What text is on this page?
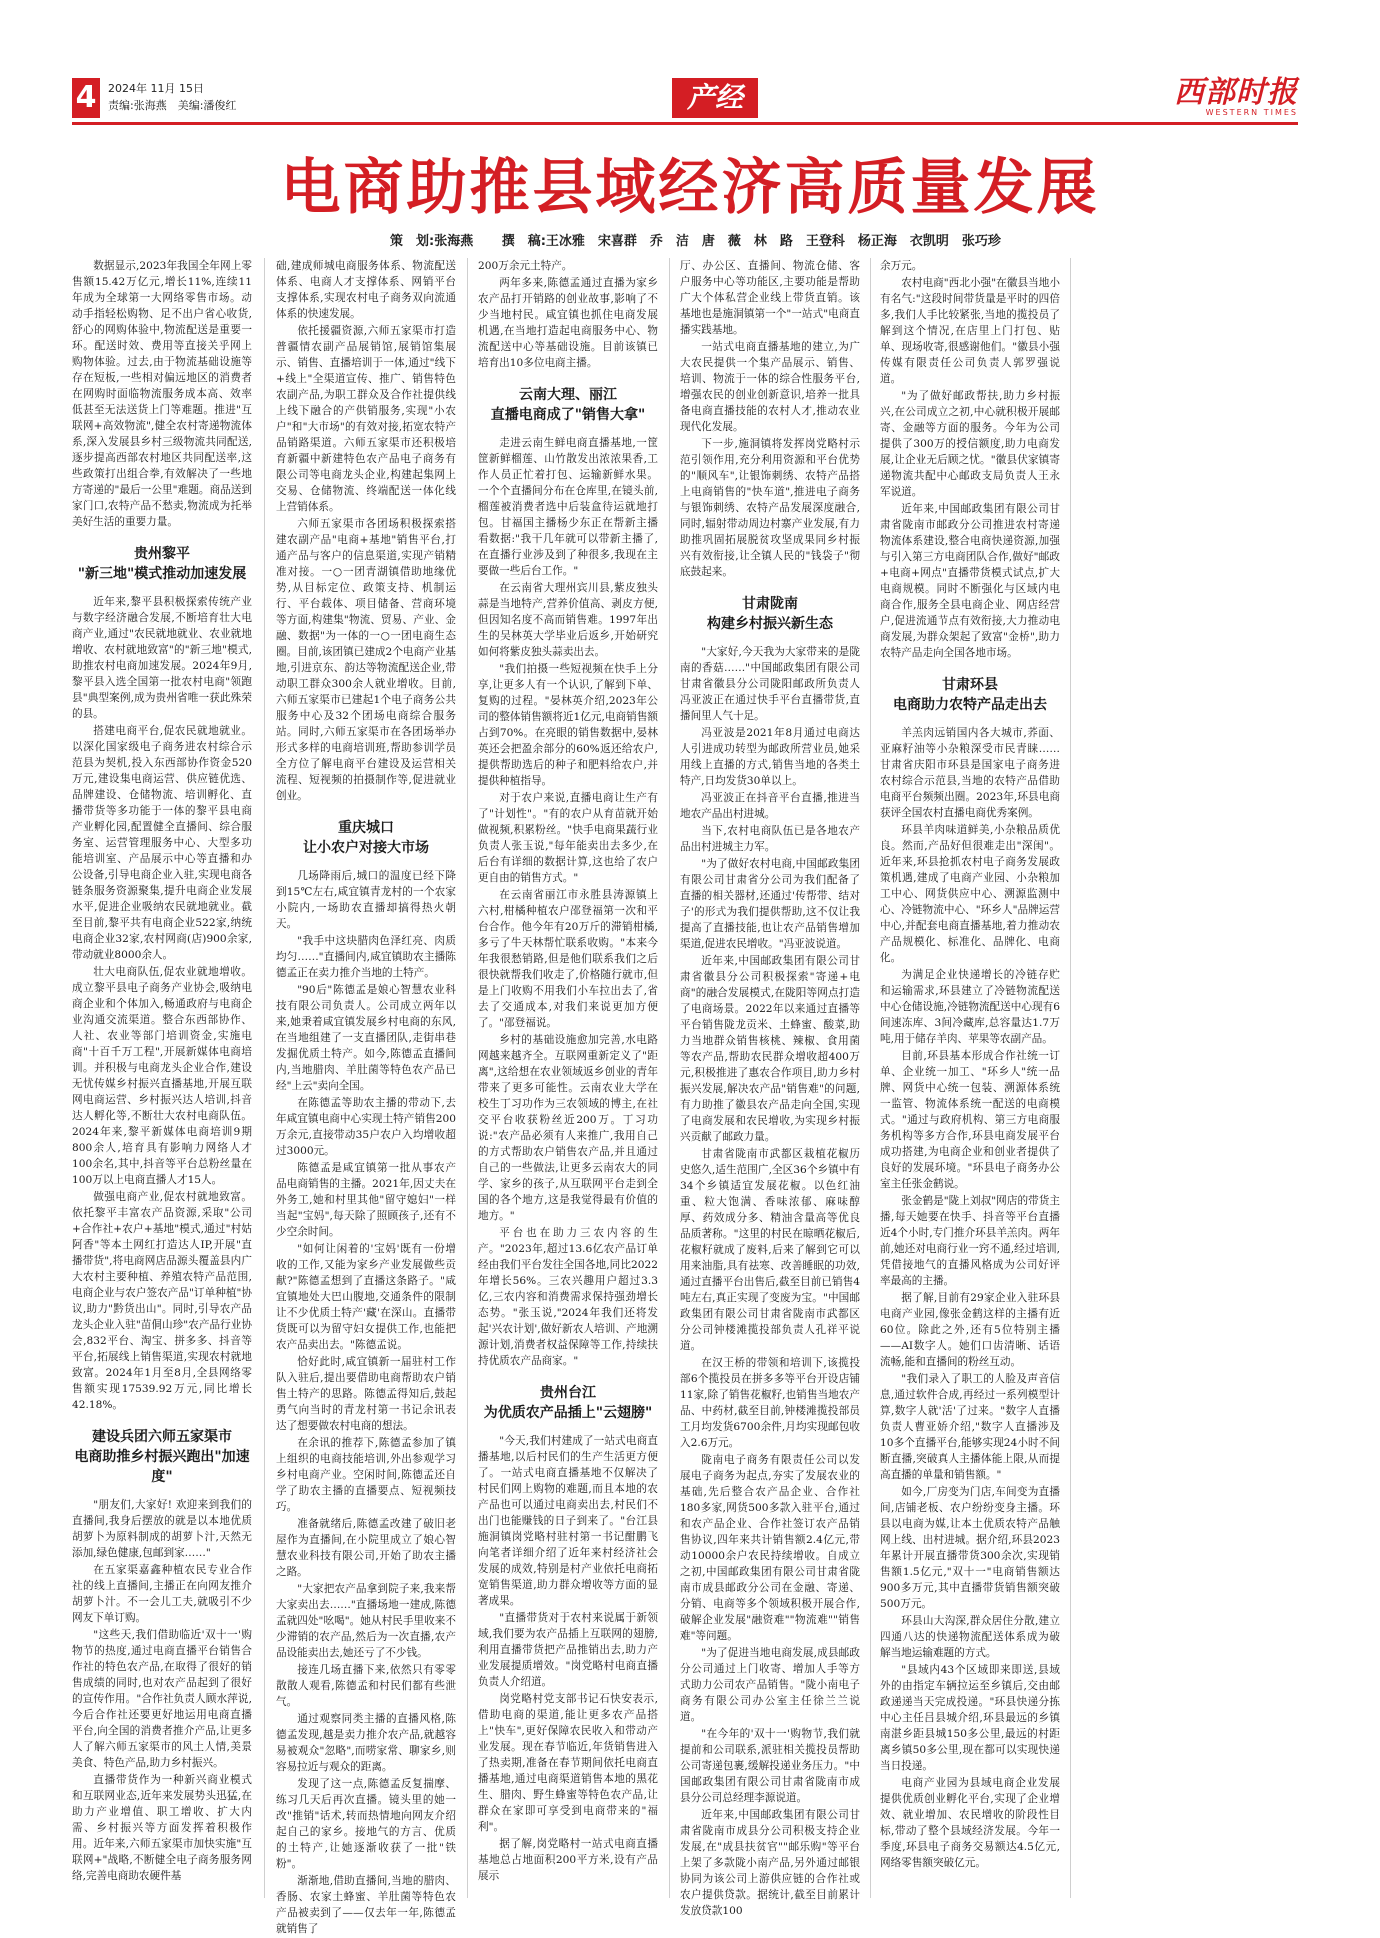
4	2024年 11月 15日
责编:张海燕　美编:潘俊红	产经	西部时报
WESTERN TIMES
电商助推县域经济高质量发展
策　划:张海燕 撰　稿:王冰雅　宋喜群　乔　洁　唐　薇　林　路　王登科　杨正海　衣凯明　张巧珍

数据显示,2023年我国全年网上零售额15.42万亿元,增长11%,连续11年成为全球第一大网络零售市场。动动手指轻松购物、足不出户省心收货,舒心的网购体验中,物流配送是重要一环。配送时效、费用等直接关乎网上购物体验。过去,由于物流基础设施等存在短板,一些相对偏远地区的消费者在网购时面临物流服务成本高、效率低甚至无法送货上门等难题。推进"互联网+高效物流",健全农村寄递物流体系,深入发展县乡村三级物流共同配送,逐步提高西部农村地区共同配送率,这些政策打出组合拳,有效解决了一些地方寄递的"最后一公里"难题。商品送到家门口,农特产品不愁卖,物流成为托举美好生活的重要力量。

贵州黎平
"新三地"模式推动加速发展

近年来,黎平县积极探索传统产业与数字经济融合发展,不断培育壮大电商产业,通过"农民就地就业、农业就地增收、农村就地致富"的"新三地"模式,助推农村电商加速发展。2024年9月,黎平县入选全国第一批农村电商"领跑县"典型案例,成为贵州省唯一获此殊荣的县。

搭建电商平台,促农民就地就业。以深化国家级电子商务进农村综合示范县为契机,投入东西部协作资金520万元,建设集电商运营、供应链优选、品牌建设、仓储物流、培训孵化、直播带货等多功能于一体的黎平县电商产业孵化园,配置健全直播间、综合服务室、运营管理服务中心、大型多功能培训室、产品展示中心等直播和办公设备,引导电商企业入驻,实现电商各链条服务资源聚集,提升电商企业发展水平,促进企业吸纳农民就地就业。截至目前,黎平共有电商企业522家,纳统电商企业32家,农村网商(店)900余家,带动就业8000余人。

壮大电商队伍,促农业就地增收。成立黎平县电子商务产业协会,吸纳电商企业和个体加入,畅通政府与电商企业沟通交流渠道。整合东西部协作、人社、农业等部门培训资金,实施电商"十百千万工程",开展新媒体电商培训。并积极与电商龙头企业合作,建设无忧传媒乡村振兴直播基地,开展互联网电商运营、乡村振兴达人培训,抖音达人孵化等,不断壮大农村电商队伍。2024年来,黎平新媒体电商培训9期800余人,培育具有影响力网络人才100余名,其中,抖音等平台总粉丝量在100万以上电商直播人才15人。

做强电商产业,促农村就地致富。依托黎平丰富农产品资源,采取"公司+合作社+农户+基地"模式,通过"村姑阿香"等本土网红打造达人IP,开展"直播带货",将电商网店品源头覆盖县内广大农村主要种植、养殖农特产品范围,电商企业与农户签农产品"订单种植"协议,助力"黔货出山"。同时,引导农产品龙头企业入驻"苗侗山珍"农产品行业协会,832平台、淘宝、拼多多、抖音等平台,拓展线上销售渠道,实现农村就地致富。2024年1月至8月,全县网络零售额实现17539.92万元,同比增长42.18%。

建设兵团六师五家渠市
电商助推乡村振兴跑出"加速度"

"朋友们,大家好! 欢迎来到我们的直播间,我身后摆放的就是以本地优质胡萝卜为原料制成的胡萝卜汁,天然无添加,绿色健康,包邮到家……"

在五家渠嘉鑫种植农民专业合作社的线上直播间,主播正在向网友推介胡萝卜汁。不一会儿工夫,就吸引不少网友下单订购。

"这些天,我们借助临近'双十一'购物节的热度,通过电商直播平台销售合作社的特色农产品,在取得了很好的销售成绩的同时,也对农产品起到了很好的宣传作用。"合作社负责人顾水萍说,今后合作社还要更好地运用电商直播平台,向全国的消费者推介产品,让更多人了解六师五家渠市的风土人情,美景美食、特色产品,助力乡村振兴。

直播带货作为一种新兴商业模式和互联网业态,近年来发展势头迅猛,在助力产业增值、职工增收、扩大内需、乡村振兴等方面发挥着积极作用。近年来,六师五家渠市加快实施"互联网+"战略,不断健全电子商务服务网络,完善电商助农硬件基

础,建成师城电商服务体系、物流配送体系、电商人才支撑体系、网销平台支撑体系,实现农村电子商务双向流通体系的快速发展。

依托援疆资源,六师五家渠市打造普疆情农副产品展销馆,展销馆集展示、销售、直播培训于一体,通过"线下+线上"全渠道宣传、推广、销售特色农副产品,为职工群众及合作社提供线上线下融合的产供销服务,实现"小农户"和"大市场"的有效对接,拓宽农特产品销路渠道。六师五家渠市还积极培育新疆中新建特色农产品电子商务有限公司等电商龙头企业,构建起集网上交易、仓储物流、终端配送一体化线上营销体系。

六师五家渠市各团场积极探索搭建农副产品"电商+基地"销售平台,打通产品与客户的信息渠道,实现产销精准对接。一○一团青湖镇借助地缘优势,从目标定位、政策支持、机制运行、平台载体、项目储备、营商环境等方面,构建集"物流、贸易、产业、金融、数据"为一体的一○一团电商生态圈。目前,该团镇已建成2个电商产业基地,引进京东、韵达等物流配送企业,带动职工群众300余人就业增收。目前,六师五家渠市已建起1个电子商务公共服务中心及32个团场电商综合服务站。同时,六师五家渠市在各团场举办形式多样的电商培训班,帮助参训学员全方位了解电商平台建设及运营相关流程、短视频的拍摄制作等,促进就业创业。

重庆城口
让小农户对接大市场

几场降雨后,城口的温度已经下降到15℃左右,咸宜镇青龙村的一个农家小院内,一场助农直播却搞得热火朝天。

"我手中这块腊肉色泽红亮、肉质均匀……"直播间内,咸宜镇助农主播陈德孟正在卖力推介当地的土特产。

"90后"陈德孟是娘心智慧农业科技有限公司负责人。公司成立两年以来,她秉着咸宜镇发展乡村电商的东风,在当地组建了一支直播团队,走街串巷发掘优质土特产。如今,陈德孟直播间内,当地腊肉、羊肚菌等特色农产品已经"上云"卖向全国。

在陈德孟等助农主播的带动下,去年咸宜镇电商中心实现土特产销售200万余元,直接带动35户农户入均增收超过3000元。

陈德孟是咸宜镇第一批从事农产品电商销售的主播。2021年,因丈夫在外务工,她和村里其他"留守媳妇"一样当起"宝妈",每天除了照顾孩子,还有不少空余时间。

"如何让闲着的'宝妈'既有一份增收的工作,又能为家乡产业发展做些贡献?"陈德孟想到了直播这条路子。"咸宜镇地处大巴山腹地,交通条件的限制让不少优质土特产'藏'在深山。直播带货既可以为留守妇女提供工作,也能把农产品卖出去。"陈德孟说。

恰好此时,咸宜镇新一届驻村工作队入驻后,提出要借助电商帮助农户销售土特产的思路。陈德孟得知后,鼓起勇气向当时的青龙村第一书记余讯表达了想要做农村电商的想法。

在余讯的推荐下,陈德孟参加了镇上组织的电商技能培训,外出参观学习乡村电商产业。空闲时间,陈德孟还自学了助农主播的直播要点、短视频技巧。

准备就绪后,陈德孟改建了破旧老屋作为直播间,在小院里成立了娘心智慧农业科技有限公司,开始了助农主播之路。

"大家把农产品拿到院子来,我来帮大家卖出去……"直播场地一建成,陈德孟就四处"吆喝"。她从村民手里收来不少滞销的农产品,然后为一次直播,农产品设能卖出去,她还亏了不少钱。

接连几场直播下来,依然只有零零散散人观看,陈德孟和村民们都有些泄气。

通过观察同类主播的直播风格,陈德孟发现,越是卖力推介农产品,就越容易被观众"忽略",而唠家常、聊家乡,则容易拉近与观众的距离。

发现了这一点,陈德孟反复揣摩、练习几天后再次直播。镜头里的她一改"推销"话术,转而热情地向网友介绍起自己的家乡。接地气的方言、优质的土特产,让她逐渐收获了一批"铁粉"。

渐渐地,借助直播间,当地的腊肉、香肠、农家土蜂蜜、羊肚菌等特色农产品被卖到了——仅去年一年,陈德孟就销售了

200万余元土特产。

两年多来,陈德孟通过直播为家乡农产品打开销路的创业故事,影响了不少当地村民。咸宜镇也抓住电商发展机遇,在当地打造起电商服务中心、物流配送中心等基础设施。目前该镇已培育出10多位电商主播。

云南大理、丽江
直播电商成了"销售大拿"

走进云南生鲜电商直播基地,一筐筐新鲜榴莲、山竹散发出浓浓果香,工作人员正忙着打包、运输新鲜水果。一个个直播间分布在仓库里,在镜头前,榴莲被消费者选中后装盒待运就地打包。甘福国主播杨少东正在帮新主播看数据:"我干几年就可以带新主播了,在直播行业涉及到了种很多,我现在主要做一些后台工作。"

在云南省大理州宾川县,紫皮独头蒜是当地特产,营养价值高、剥皮方便,但因知名度不高而销售难。1997年出生的吴林英大学毕业后返乡,开始研究如何将紫皮独头蒜卖出去。

"我们拍摄一些短视频在快手上分享,让更多人有一个认识,了解到下单、复购的过程。"晏林英介绍,2023年公司的整体销售额将近1亿元,电商销售额占到70%。在亮眼的销售数据中,晏林英还会把盈余部分的60%返还给农户,提供帮助选后的种子和肥料给农户,并提供种植指导。

对于农户来说,直播电商让生产有了"计划性"。"有的农户从育苗就开始做视频,积累粉丝。"快手电商果蔬行业负责人张玉说,"每年能卖出去多少,在后台有详细的数据计算,这也给了农户更自由的销售方式。"

在云南省丽江市永胜县涛源镇上六村,柑橘种植农户邵登福第一次和平台合作。他今年有20万斤的滞销柑橘,多亏了牛天林帮忙联系收购。"本来今年我很愁销路,但是他们联系我们之后很快就帮我们收走了,价格随行就市,但是上门收购不用我们小车拉出去了,省去了交通成本,对我们来说更加方便了。"邵登福说。

乡村的基础设施愈加完善,水电路网越来越齐全。互联网重新定义了"距离",这给想在农业领域返乡创业的青年带来了更多可能性。云南农业大学在校生丁习功作为三农领域的博主,在社交平台收获粉丝近200万。丁习功说:"农产品必须有人来推广,我用自己的方式帮助农户销售农产品,并且通过自己的一些做法,让更多云南农大的同学、家乡的孩子,从互联网平台走到全国的各个地方,这是我觉得最有价值的地方。"

平台也在助力三农内容的生产。"2023年,超过13.6亿农产品订单经由我们平台发往全国各地,同比2022年增长56%。三农兴趣用户超过3.3亿,三农内容和消费需求保持强劲增长态势。"张玉说,"2024年我们还将发起'兴农计划',做好新农人培训、产地溯源计划,消费者权益保障等工作,持续扶持优质农产品商家。"

贵州台江
为优质农产品插上"云翅膀"

"今天,我们村建成了一站式电商直播基地,以后村民们的生产生活更方便了。一站式电商直播基地不仅解决了村民们网上购物的难题,而且本地的农产品也可以通过电商卖出去,村民们不出门也能赚钱的日子到来了。"台江县施洞镇岗党略村驻村第一书记酣鹏飞向笔者详细介绍了近年来村经济社会发展的成效,特别是村产业依托电商拓宽销售渠道,助力群众增收等方面的显著成果。

"直播带货对于农村来说属于新领域,我们要为农产品插上互联网的翅膀,利用直播带货把产品推销出去,助力产业发展提质增效。"岗党略村电商直播负责人介绍道。

岗党略村党支部书记石快安表示,借助电商的渠道,能让更多农产品搭上"快车",更好保障农民收入和带动产业发展。现在春节临近,年货销售进入了热卖期,准备在春节期间依托电商直播基地,通过电商渠道销售本地的黑花生、腊肉、野生蜂蜜等特色农产品,让群众在家即可享受到电商带来的"福利"。

据了解,岗党略村一站式电商直播基地总占地面积200平方米,设有产品展示

厅、办公区、直播间、物流仓储、客户服务中心等功能区,主要功能是帮助广大个体私营企业线上带货直销。该基地也是施洞镇第一个"一站式"电商直播实践基地。

一站式电商直播基地的建立,为广大农民提供一个集产品展示、销售、培训、物流于一体的综合性服务平台,增强农民的创业创新意识,培养一批具备电商直播技能的农村人才,推动农业现代化发展。

下一步,施洞镇将发挥岗党略村示范引领作用,充分利用资源和平台优势的"顺风车",让银饰刺绣、农特产品搭上电商销售的"快车道",推进电子商务与银饰刺绣、农特产品发展深度融合,同时,辐射带动周边村寨产业发展,有力助推巩固拓展脱贫攻坚成果同乡村振兴有效衔接,让全镇人民的"钱袋子"彻底鼓起来。

甘肃陇南
构建乡村振兴新生态

"大家好,今天我为大家带来的是陇南的香菇……"中国邮政集团有限公司甘肃省徽县分公司陇阳邮政所负责人冯亚波正在通过快手平台直播带货,直播间里人气十足。

冯亚波是2021年8月通过电商达人引进成功转型为邮政所营业员,她采用线上直播的方式,销售当地的各类土特产,日均发货30单以上。

冯亚波正在抖音平台直播,推进当地农产品出村进城。

当下,农村电商队伍已是各地农产品出村进城主力军。

"为了做好农村电商,中国邮政集团有限公司甘肃省分公司为我们配备了直播的相关器材,还通过'传帮带、结对子'的形式为我们提供帮助,这不仅让我提高了直播技能,也让农产品销售增加渠道,促进农民增收。"冯亚波说道。

近年来,中国邮政集团有限公司甘肃省徽县分公司积极探索"寄递+电商"的融合发展模式,在陇阳等网点打造了电商场景。2022年以来通过直播等平台销售陇龙贡米、土蜂蜜、酸菜,助力当地群众销售核桃、辣椒、食用菌等农产品,帮助农民群众增收超400万元,积极推进了惠农合作项目,助力乡村振兴发展,解决农产品"销售难"的问题,有力助推了徽县农产品走向全国,实现了电商发展和农民增收,为实现乡村振兴贡献了邮政力量。

甘肃省陇南市武都区栽植花椒历史悠久,适生范围广,全区36个乡镇中有34个乡镇适宜发展花椒。以色红油重、粒大饱满、香味浓郁、麻味醇厚、药效成分多、精油含量高等优良品质著称。"这里的村民在晾晒花椒后,花椒籽就成了废料,后来了解到它可以用来油脂,具有祛寒、改善睡眠的功效,通过直播平台出售后,截至目前已销售4吨左右,真正实现了变废为宝。"中国邮政集团有限公司甘肃省陇南市武都区分公司钟楼滩揽投部负责人孔祥平说道。

在汉王桥的带领和培训下,该揽投部6个揽投员在拼多多等平台开设店铺11家,除了销售花椒籽,也销售当地农产品、中药材,截至目前,钟楼滩揽投部员工月均发货6700余件,月均实现邮包收入2.6万元。

陇南电子商务有限责任公司以发展电子商务为起点,夯实了发展农业的基础,先后整合农产品企业、合作社180多家,网货500多款入驻平台,通过和农产品企业、合作社签订农产品销售协议,四年来共计销售额2.4亿元,带动10000余户农民持续增收。自成立之初,中国邮政集团有限公司甘肃省陇南市成县邮政分公司在金融、寄递、分销、电商等多个领域积极开展合作,破解企业发展"融资难""物流难""销售难"等问题。

"为了促进当地电商发展,成县邮政分公司通过上门收寄、增加人手等方式助力公司农产品销售。"陇小南电子商务有限公司办公室主任徐兰兰说道。

"在今年的'双十一'购物节,我们就提前和公司联系,派驻相关揽投员帮助公司寄递包裹,缓解投递业务压力。"中国邮政集团有限公司甘肃省陇南市成县分公司总经理李源说道。

近年来,中国邮政集团有限公司甘肃省陇南市成县分公司积极支持企业发展,在"成县扶贫官""邮乐购"等平台上架了多款陇小南产品,另外通过邮银协同为该公司上游供应链的合作社或农户提供贷款。据统计,截至目前累计发放贷款100

余万元。

农村电商"西北小强"在徽县当地小有名气:"这段时间带货量是平时的四倍多,我们人手比较紧张,当地的揽投员了解到这个情况,在店里上门打包、贴单、现场收寄,很感谢他们。"徽县小强传媒有限责任公司负责人郭罗强说道。

"为了做好邮政帮扶,助力乡村振兴,在公司成立之初,中心就积极开展邮寄、金融等方面的服务。今年为公司提供了300万的授信额度,助力电商发展,让企业无后顾之忧。"徽县伏家镇寄递物流共配中心邮政支局负责人王永军说道。

近年来,中国邮政集团有限公司甘肃省陇南市邮政分公司推进农村寄递物流体系建设,整合电商快递资源,加强与引入第三方电商团队合作,做好"邮政+电商+网点"直播带货模式试点,扩大电商规模。同时不断强化与区域内电商合作,服务全县电商企业、网店经营户,促进流通节点有效衔接,大力推动电商发展,为群众架起了致富"金桥",助力农特产品走向全国各地市场。

甘肃环县
电商助力农特产品走出去

羊羔肉远销国内各大城市,荞面、亚麻籽油等小杂粮深受市民青睐……甘肃省庆阳市环县是国家电子商务进农村综合示范县,当地的农特产品借助电商平台频频出圈。2023年,环县电商获评全国农村直播电商优秀案例。

环县羊肉味道鲜美,小杂粮品质优良。然而,产品好但很难走出"深闺"。近年来,环县抢抓农村电子商务发展政策机遇,建成了电商产业园、小杂粮加工中心、网货供应中心、溯源监测中心、冷链物流中心、"环乡人"品牌运营中心,并配套电商直播基地,着力推动农产品规模化、标准化、品牌化、电商化。

为满足企业快递增长的冷链存贮和运输需求,环县建立了冷链物流配送中心仓储设施,冷链物流配送中心现有6间速冻库、3间冷藏库,总容量达1.7万吨,用于储存羊肉、苹果等农副产品。

目前,环县基本形成合作社统一订单、企业统一加工、"环乡人"统一品牌、网货中心统一包装、溯源体系统一监管、物流体系统一配送的电商模式。"通过与政府机构、第三方电商服务机构等多方合作,环县电商发展平台成功搭建,为电商企业和创业者提供了良好的发展环境。"环县电子商务办公室主任张金鹤说。

张金鹤是"陇上刘叔"网店的带货主播,每天她要在快手、抖音等平台直播近4个小时,专门推介环县羊羔肉。两年前,她还对电商行业一窍不通,经过培训,凭借接地气的直播风格成为公司好评率最高的主播。

据了解,目前有29家企业入驻环县电商产业园,像张金鹤这样的主播有近60位。除此之外,还有5位特别主播——AI数字人。她们口齿清晰、话语流畅,能和直播间的粉丝互动。

"我们录入了职工的人脸及声音信息,通过软件合成,再经过一系列模型计算,数字人就'活'了过来。"数字人直播负责人曹亚娇介绍,"数字人直播涉及10多个直播平台,能够实现24小时不间断直播,突破真人主播体能上限,从而提高直播的单量和销售额。"

如今,厂房变为门店,车间变为直播间,店铺老板、农户纷纷变身主播。环县以电商为媒,让本土优质农特产品触网上线、出村进城。据介绍,环县2023年累计开展直播带货300余次,实现销售额1.5亿元,"双十一"电商销售额达900多万元,其中直播带货销售额突破500万元。

环县山大沟深,群众居住分散,建立四通八达的快递物流配送体系成为破解当地运输难题的方式。

"县域内43个区域即来即送,县域外的由指定车辆拉运至乡镇后,交由邮政递递当天完成投递。"环县快递分拣中心主任吕县城介绍,环县最远的乡镇南湛乡距县城150多公里,最远的村距离乡镇50多公里,现在都可以实现快递当日投递。

电商产业园为县域电商企业发展提供优质创业孵化平台,实现了企业增效、就业增加、农民增收的阶段性目标,带动了整个县域经济发展。今年一季度,环县电子商务交易额达4.5亿元,网络零售额突破亿元。
